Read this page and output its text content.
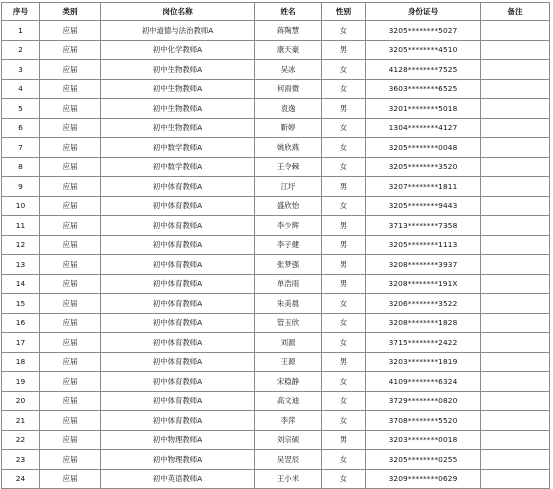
序号	类别	岗位名称	姓名	性别	身份证号	备注
1	应届	初中道德与法治教师A	蒋陶慧	女	3205********5027	
2	应届	初中化学教师A	康天豪	男	3205********4510	
3	应届	初中生物教师A	吴冰	女	4128********7525	
4	应届	初中生物教师A	何雨微	女	3603********6525	
5	应届	初中生物教师A	袁逸	男	3201********5018	
6	应届	初中生物教师A	靳婷	女	1304********4127	
7	应届	初中数学教师A	姚欣燕	女	3205********0048	
8	应届	初中数学教师A	王令棘	女	3205********3520	
9	应届	初中体育教师A	江圩	男	3207********1811	
10	应届	初中体育教师A	盛欣怡	女	3205********9443	
11	应届	初中体育教师A	李少辉	男	3713********7358	
12	应届	初中体育教师A	李子健	男	3205********1113	
13	应届	初中体育教师A	张梦强	男	3208********3937	
14	应届	初中体育教师A	单浩雨	男	3208********191X	
15	应届	初中体育教师A	朱美晨	女	3206********3522	
16	应届	初中体育教师A	管玉欣	女	3208********1828	
17	应届	初中体育教师A	刘源	女	3715********2422	
18	应届	初中体育教师A	王源	男	3203********1819	
19	应届	初中体育教师A	宋稳静	女	4109********6324	
20	应届	初中体育教师A	高文迪	女	3729********0820	
21	应届	初中体育教师A	李萍	女	3708********5520	
22	应届	初中物理教师A	刘宗硕	男	3203********0018	
23	应届	初中物理教师A	吴翌辰	女	3205********0255	
24	应届	初中英语教师A	王小米	女	3209********0629	
